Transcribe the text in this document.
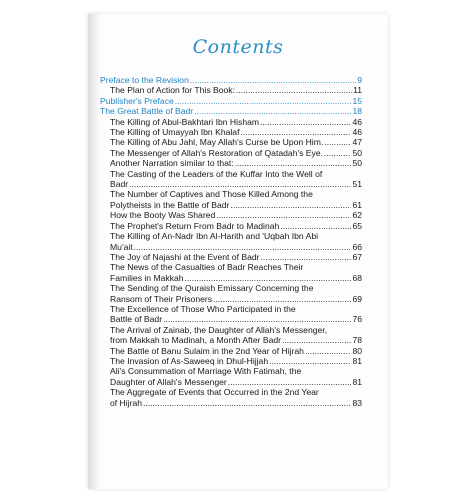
Contents
Preface to the Revision .....	9
The Plan of Action for This Book: .....	11
Publisher's Preface .....	15
The Great Battle of Badr .....	18
The Killing of Abul-Bakhtari Ibn Hisham .....	46
The Killing of Umayyah Ibn Khalaf .....	46
The Killing of Abu Jahl, May Allah's Curse be Upon Him. .....	47
The Messenger of Allah's Restoration of Qatadah's Eye. .....	50
Another Narration similar to that: .....	50
The Casting of the Leaders of the Kuffar Into the Well of
Badr .....	51
The Number of Captives and Those Killed Among the
Polytheists in the Battle of Badr .....	61
How the Booty Was Shared .....	62
The Prophet's Return From Badr to Madinah .....	65
The Killing of An-Nadr Ibn Al-Harith and 'Uqbah Ibn Abi
Mu'ait .....	66
The Joy of Najashi at the Event of Badr .....	67
The News of the Casualties of Badr Reaches Their
Families in Makkah .....	68
The Sending of the Quraish Emissary Concerning the
Ransom of Their Prisoners .....	69
The Excellence of Those Who Participated in the
Battle of Badr .....	76
The Arrival of Zainab, the Daughter of Allah's Messenger,
from Makkah to Madinah, a Month After Badr .....	78
The Battle of Banu Sulaim in the 2nd Year of Hijrah .....	80
The Invasion of As-Saweeq in Dhul-Hijjah .....	81
Ali's Consummation of Marriage With Fatimah, the
Daughter of Allah's Messenger .....	81
The Aggregate of Events that Occurred in the 2nd Year
of Hijrah .....	83
